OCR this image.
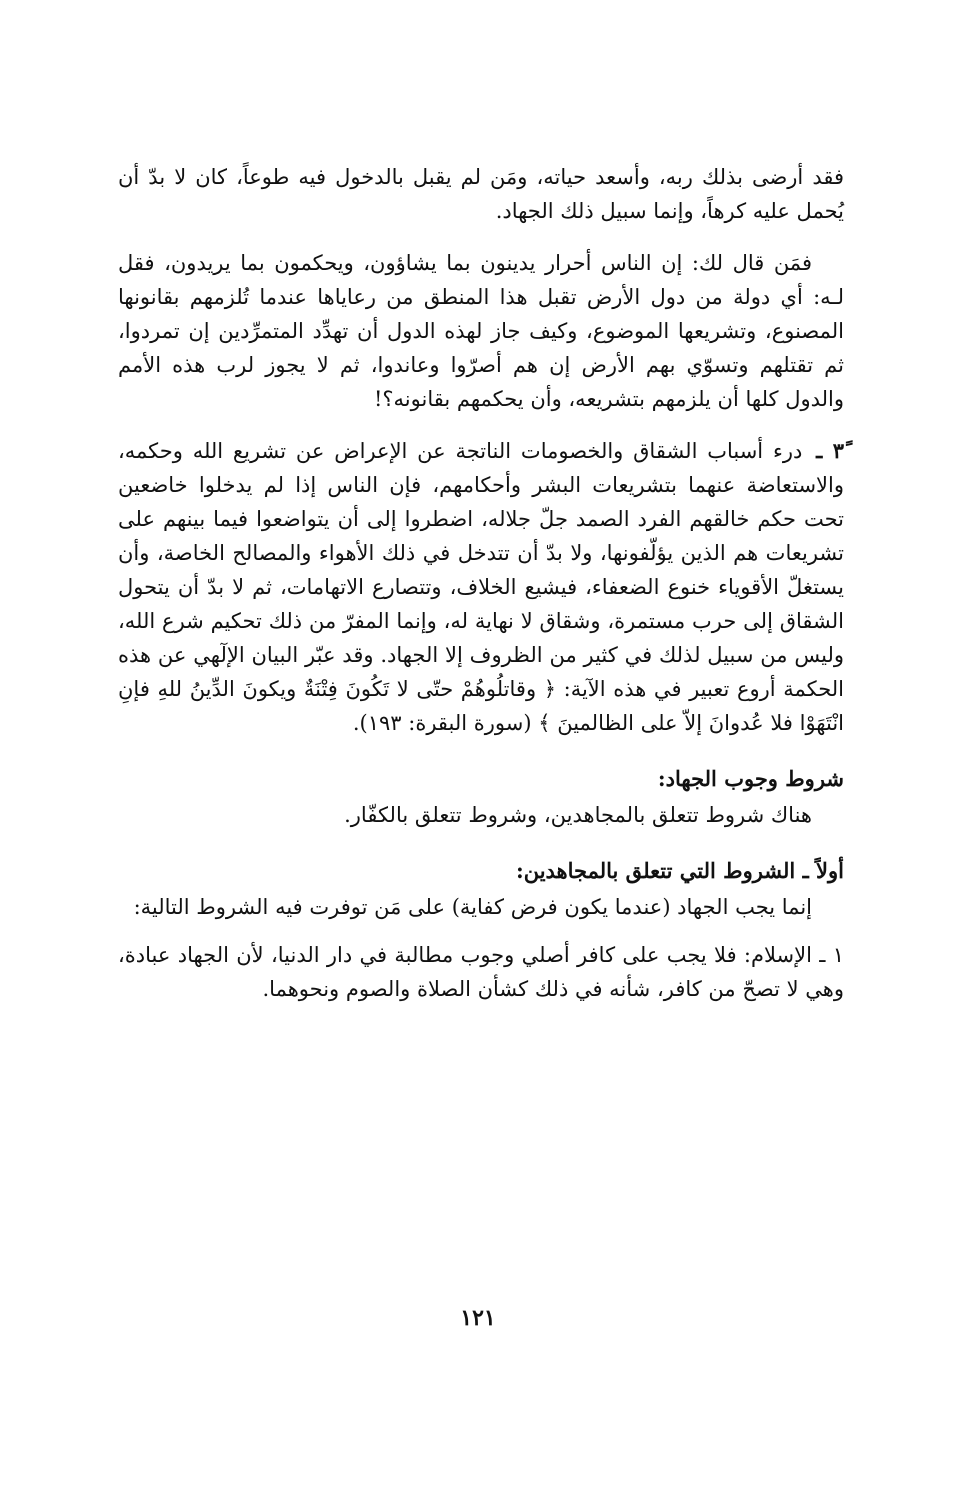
فقد أرضى بذلك ربه، وأسعد حياته، ومَن لم يقبل بالدخول فيه طوعاً، كان لا بدّ أن يُحمل عليه كرهاً، وإنما سبيل ذلك الجهاد.

فمَن قال لك: إن الناس أحرار يدينون بما يشاؤون، ويحكمون بما يريدون، فقل لـه: أي دولة من دول الأرض تقبل هذا المنطق من رعاياها عندما تُلزمهم بقانونها المصنوع، وتشريعها الموضوع، وكيف جاز لهذه الدول أن تهدِّد المتمرِّدين إن تمردوا، ثم تقتلهم وتسوّي بهم الأرض إن هم أصرّوا وعاندوا، ثم لا يجوز لرب هذه الأمم والدول كلها أن يلزمهم بتشريعه، وأن يحكمهم بقانونه؟!

٣ً ـ درء أسباب الشقاق والخصومات الناتجة عن الإعراض عن تشريع الله وحكمه، والاستعاضة عنهما بتشريعات البشر وأحكامهم، فإن الناس إذا لم يدخلوا خاضعين تحت حكم خالقهم الفرد الصمد جلّ جلاله، اضطروا إلى أن يتواضعوا فيما بينهم على تشريعات هم الذين يؤلّفونها، ولا بدّ أن تتدخل في ذلك الأهواء والمصالح الخاصة، وأن يستغلّ الأقوياء خنوع الضعفاء، فيشيع الخلاف، وتتصارع الاتهامات، ثم لا بدّ أن يتحول الشقاق إلى حرب مستمرة، وشقاق لا نهاية له، وإنما المفرّ من ذلك تحكيم شرع الله، وليس من سبيل لذلك في كثير من الظروف إلا الجهاد. وقد عبّر البيان الإلٓهي عن هذه الحكمة أروع تعبير في هذه الآية: ﴿ وقاتلُوهُمْ حتّى لا تَكُونَ فِتْنَةٌ ويكونَ الدِّينُ للهِ فإنِ انْتَهَوْا فلا عُدوانَ إلاّ على الظالمينَ ﴾ (سورة البقرة: ١٩٣).

شروط وجوب الجهاد:

هناك شروط تتعلق بالمجاهدين، وشروط تتعلق بالكفّار.

أولاً ـ الشروط التي تتعلق بالمجاهدين:

إنما يجب الجهاد (عندما يكون فرض كفاية) على مَن توفرت فيه الشروط التالية:

١ ـ الإسلام: فلا يجب على كافر أصلي وجوب مطالبة في دار الدنيا، لأن الجهاد عبادة، وهي لا تصحّ من كافر، شأنه في ذلك كشأن الصلاة والصوم ونحوهما.

١٢١
